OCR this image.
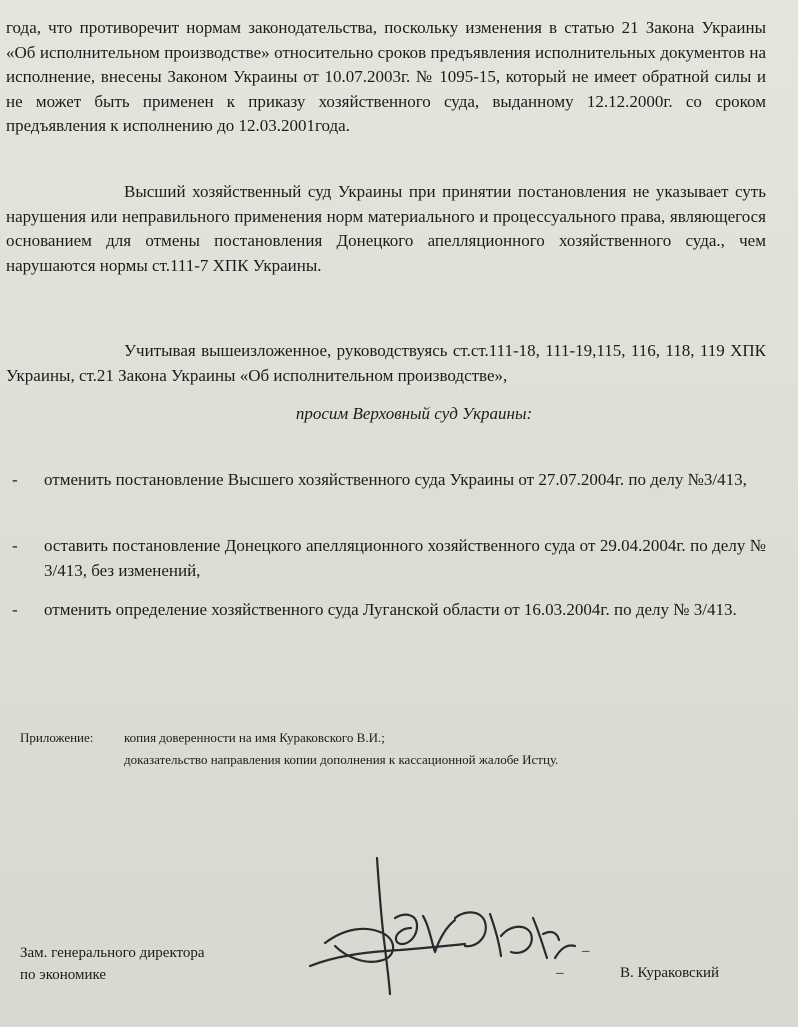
года, что противоречит нормам законодательства, поскольку изменения в статью 21 Закона Украины «Об исполнительном производстве» относительно сроков предъявления исполнительных документов на исполнение, внесены Законом Украины от 10.07.2003г. № 1095-15, который не имеет обратной силы и не может быть применен к приказу хозяйственного суда, выданному 12.12.2000г. со сроком предъявления к исполнению до 12.03.2001года.
Высший хозяйственный суд Украины при принятии постановления не указывает суть нарушения или неправильного применения норм материального и процессуального права, являющегося основанием для отмены постановления Донецкого апелляционного хозяйственного суда., чем нарушаются нормы ст.111-7 ХПК Украины.
Учитывая вышеизложенное, руководствуясь ст.ст.111-18, 111-19,115, 116, 118, 119 ХПК Украины, ст.21 Закона Украины «Об исполнительном производстве»,
просим Верховный суд Украины:
- отменить постановление Высшего хозяйственного суда Украины от 27.07.2004г. по делу №3/413,
- оставить постановление Донецкого апелляционного хозяйственного суда от 29.04.2004г. по делу № 3/413, без изменений,
- отменить определение хозяйственного суда Луганской области от 16.03.2004г. по делу № 3/413.
Приложение: копия доверенности на имя Кураковского В.И.;
доказательство направления копии дополнения к кассационной жалобе Истцу.
Зам. генерального директора
по экономике
–
–	В. Кураковский
